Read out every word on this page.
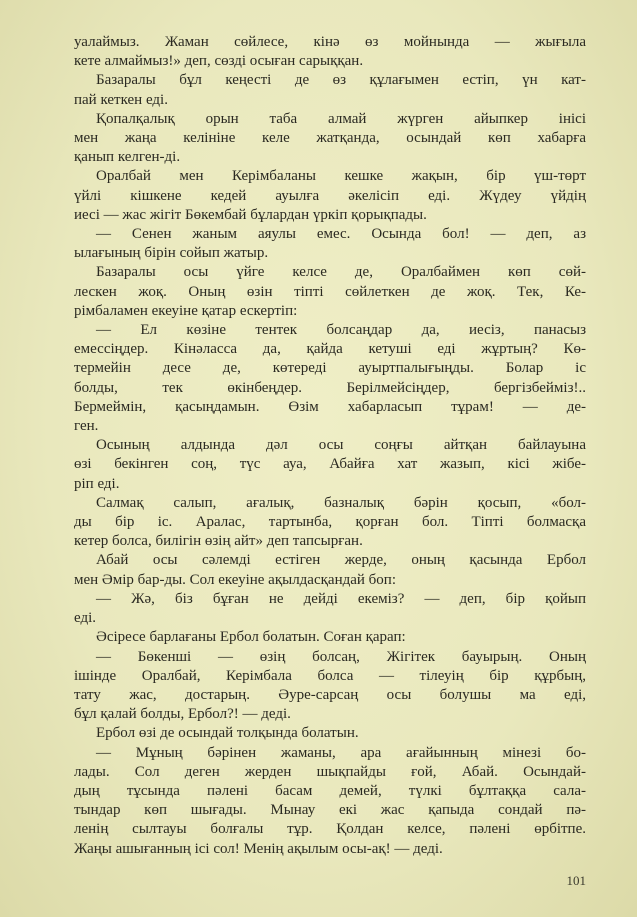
уалаймыз. Жаман сөйлесе, кінә өз мойнында — жығыла
кете алмаймыз!» деп, сөзді осыған сарыққан.
Базаралы бұл кеңесті де өз құлағымен естіп, үн кат-
пай кеткен еді.
Қопалқалық орын таба алмай жүрген айыпкер інісі
мен жаңа келініне келе жатқанда, осындай көп хабарға
қанып келген-ді.
Оралбай мен Керімбаланы кешке жақын, бір үш-төрт
үйлі кішкене кедей ауылға әкелісіп еді. Жүдеу үйдің
иесі — жас жігіт Бөкембай бұлардан үркіп қорықпады.
— Сенен жаным аяулы емес. Осында бол! — деп, аз
ылағының бірін сойып жатыр.
Базаралы осы үйге келсе де, Оралбаймен көп сөй-
лескен жоқ. Оның өзін тіпті сөйлеткен де жоқ. Тек, Ке-
рімбаламен екеуіне қатар ескертіп:
— Ел көзіне тентек болсаңдар да, иесіз, панасыз
емессіңдер. Кінәласса да, қайда кетуші еді жұртың? Кө-
термейін десе де, көтереді ауыртпалығыңды. Болар іс
болды, тек өкінбеңдер. Берілмейсіңдер, бергізбейміз!..
Бермеймін, қасыңдамын. Өзім хабарласып тұрам! — де-
ген.
Осының алдында дәл осы соңғы айтқан байлауына
өзі бекінген соң, түс ауа, Абайға хат жазып, кісі жібе-
ріп еді.
Салмақ салып, ағалық, базналық бәрін қосып, «бол-
ды бір іс. Аралас, тартынба, қорған бол. Тіпті болмасқа
кетер болса, билігін өзің айт» деп тапсырған.
Абай осы сәлемді естіген жерде, оның қасында Ербол
мен Әмір бар-ды. Сол екеуіне ақылдасқандай боп:
— Жә, біз бұған не дейді екеміз? — деп, бір қойып
еді.
Әсіресе барлағаны Ербол болатын. Соған қарап:
— Бөкенші — өзің болсаң, Жігітек бауырың. Оның
ішінде Оралбай, Керімбала болса — тілеуің бір құрбың,
тату жас, достарың. Әуре-сарсаң осы болушы ма еді,
бұл қалай болды, Ербол?! — деді.
Ербол өзі де осындай толқында болатын.
— Мұның бәрінен жаманы, ара ағайынның мінезі бо-
лады. Сол деген жерден шықпайды ғой, Абай. Осындай-
дың тұсында пәлені басам демей, түлкі бұлтаққа сала-
тындар көп шығады. Мынау екі жас қапыда сондай пә-
ленің сылтауы болғалы тұр. Қолдан келсе, пәлені өрбітпе.
Жаңы ашығанның ісі сол! Менің ақылым осы-ақ! — деді.
101
